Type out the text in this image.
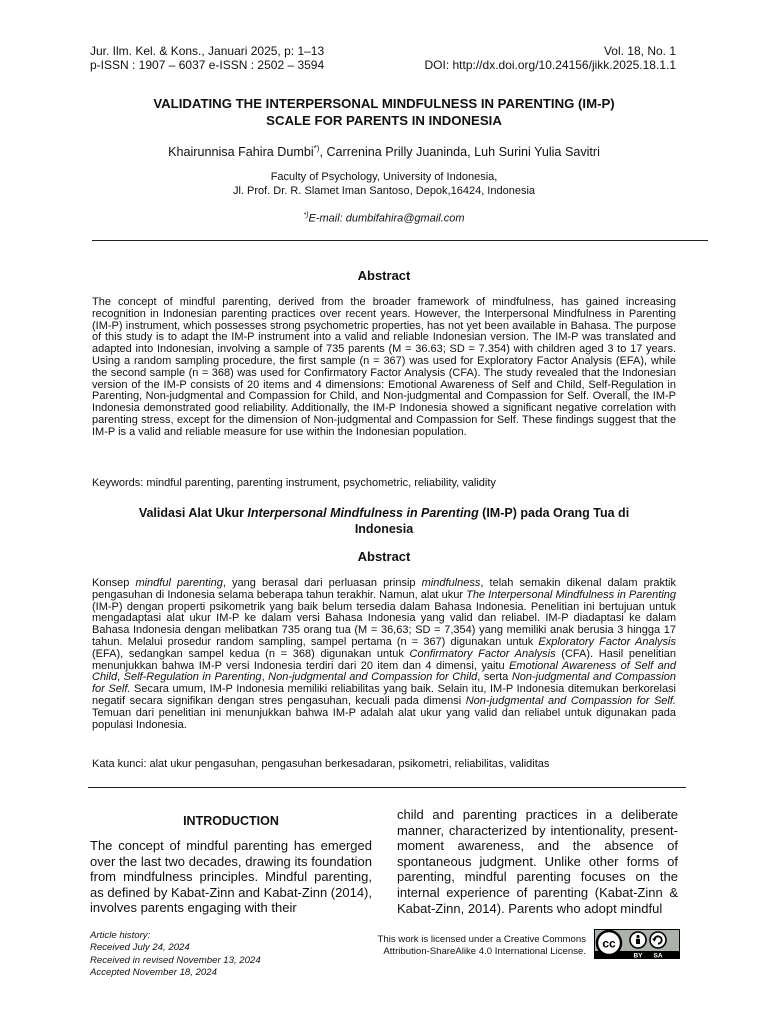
Jur. Ilm. Kel. & Kons., Januari 2025, p: 1–13
p-ISSN : 1907 – 6037 e-ISSN : 2502 – 3594
Vol. 18, No. 1
DOI: http://dx.doi.org/10.24156/jikk.2025.18.1.1
VALIDATING THE INTERPERSONAL MINDFULNESS IN PARENTING (IM-P)
SCALE FOR PARENTS IN INDONESIA
Khairunnisa Fahira Dumbi*), Carrenina Prilly Juaninda, Luh Surini Yulia Savitri
Faculty of Psychology, University of Indonesia,
Jl. Prof. Dr. R. Slamet Iman Santoso, Depok,16424, Indonesia
*)E-mail: dumbifahira@gmail.com
Abstract

The concept of mindful parenting, derived from the broader framework of mindfulness, has gained increasing recognition in Indonesian parenting practices over recent years. However, the Interpersonal Mindfulness in Parenting (IM-P) instrument, which possesses strong psychometric properties, has not yet been available in Bahasa. The purpose of this study is to adapt the IM-P instrument into a valid and reliable Indonesian version. The IM-P was translated and adapted into Indonesian, involving a sample of 735 parents (M = 36.63; SD = 7.354) with children aged 3 to 17 years. Using a random sampling procedure, the first sample (n = 367) was used for Exploratory Factor Analysis (EFA), while the second sample (n = 368) was used for Confirmatory Factor Analysis (CFA). The study revealed that the Indonesian version of the IM-P consists of 20 items and 4 dimensions: Emotional Awareness of Self and Child, Self-Regulation in Parenting, Non-judgmental and Compassion for Child, and Non-judgmental and Compassion for Self. Overall, the IM-P Indonesia demonstrated good reliability. Additionally, the IM-P Indonesia showed a significant negative correlation with parenting stress, except for the dimension of Non-judgmental and Compassion for Self. These findings suggest that the IM-P is a valid and reliable measure for use within the Indonesian population.

Keywords: mindful parenting, parenting instrument, psychometric, reliability, validity
Validasi Alat Ukur Interpersonal Mindfulness in Parenting (IM-P) pada Orang Tua di
Indonesia
Abstract

Konsep mindful parenting, yang berasal dari perluasan prinsip mindfulness, telah semakin dikenal dalam praktik pengasuhan di Indonesia selama beberapa tahun terakhir. Namun, alat ukur The Interpersonal Mindfulness in Parenting (IM-P) dengan properti psikometrik yang baik belum tersedia dalam Bahasa Indonesia. Penelitian ini bertujuan untuk mengadaptasi alat ukur IM-P ke dalam versi Bahasa Indonesia yang valid dan reliabel. IM-P diadaptasi ke dalam Bahasa Indonesia dengan melibatkan 735 orang tua (M = 36,63; SD = 7,354) yang memiliki anak berusia 3 hingga 17 tahun. Melalui prosedur random sampling, sampel pertama (n = 367) digunakan untuk Exploratory Factor Analysis (EFA), sedangkan sampel kedua (n = 368) digunakan untuk Confirmatory Factor Analysis (CFA). Hasil penelitian menunjukkan bahwa IM-P versi Indonesia terdiri dari 20 item dan 4 dimensi, yaitu Emotional Awareness of Self and Child, Self-Regulation in Parenting, Non-judgmental and Compassion for Child, serta Non-judgmental and Compassion for Self. Secara umum, IM-P Indonesia memiliki reliabilitas yang baik. Selain itu, IM-P Indonesia ditemukan berkorelasi negatif secara signifikan dengan stres pengasuhan, kecuali pada dimensi Non-judgmental and Compassion for Self. Temuan dari penelitian ini menunjukkan bahwa IM-P adalah alat ukur yang valid dan reliabel untuk digunakan pada populasi Indonesia.

Kata kunci: alat ukur pengasuhan, pengasuhan berkesadaran, psikometri, reliabilitas, validitas
INTRODUCTION
The concept of mindful parenting has emerged over the last two decades, drawing its foundation from mindfulness principles. Mindful parenting, as defined by Kabat-Zinn and Kabat-Zinn (2014), involves parents engaging with their
child and parenting practices in a deliberate manner, characterized by intentionality, present-moment awareness, and the absence of spontaneous judgment. Unlike other forms of parenting, mindful parenting focuses on the internal experience of parenting (Kabat-Zinn & Kabat-Zinn, 2014). Parents who adopt mindful
Article history:
Received July 24, 2024
Received in revised November 13, 2024
Accepted November 18, 2024
This work is licensed under a Creative Commons
Attribution-ShareAlike 4.0 International License.
cc
BY SA
